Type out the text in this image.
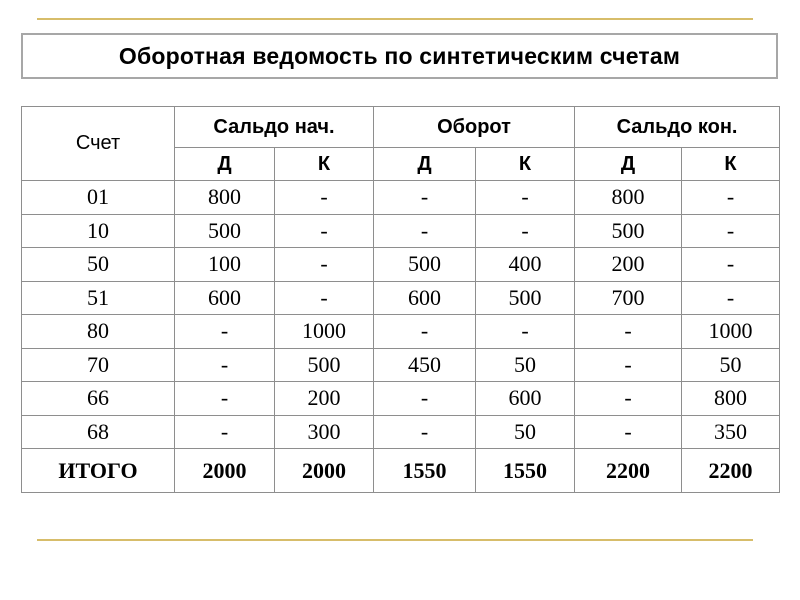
Оборотная ведомость по синтетическим счетам
Счет	Сальдо нач.		Оборот		Сальдо кон.	
	Д	К	Д	К	Д	К
01	800	-	-	-	800	-
10	500	-	-	-	500	-
50	100	-	500	400	200	-
51	600	-	600	500	700	-
80	-	1000	-	-	-	1000
70	-	500	450	50	-	50
66	-	200	-	600	-	800
68	-	300	-	50	-	350
ИТОГО	2000	2000	1550	1550	2200	2200
